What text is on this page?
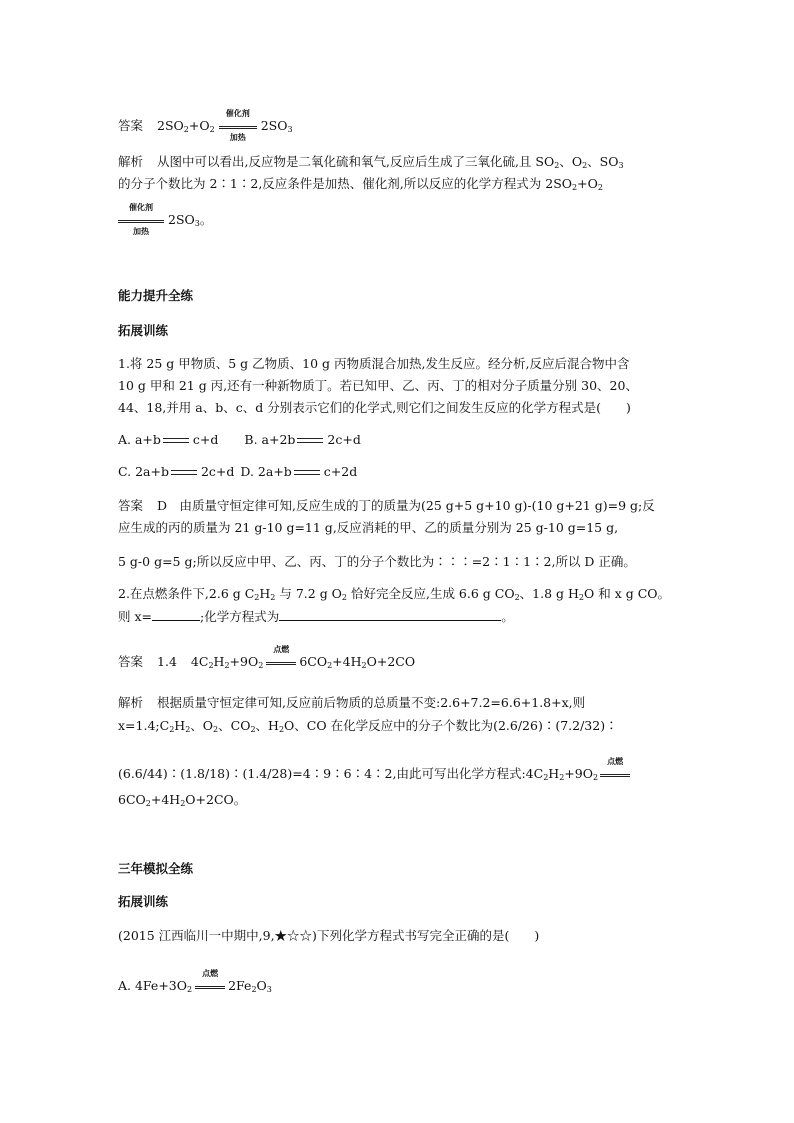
答案 $2SO_2+O_2$
催化剂
加热
$2SO_3$
解析 从图中可以看出,反应物是二氧化硫和氧气,反应后生成了三氧化硫,且 $SO_2$、$O_2$、$SO_3$
的分子个数比为 2∶1∶2,反应条件是加热、催化剂,所以反应的化学方程式为 $2SO_2+O_2$
催化剂
加热
$2SO_3$。
能力提升全练
拓展训练
1.将 25 g 甲物质、5 g 乙物质、10 g 丙物质混合加热,发生反应。经分析,反应后混合物中含
10 g 甲和 21 g 丙,还有一种新物质丁。若已知甲、乙、丙、丁的相对分子质量分别 30、20、
44、18,并用 a、b、c、d 分别表示它们的化学式,则它们之间发生反应的化学方程式是(　　)
A. a+b	c+d B. a+2b	2c+d
C. 2a+b	2c+d D. 2a+b	c+2d
答案 D　由质量守恒定律可知,反应生成的丁的质量为(25 g+5 g+10 g)-(10 g+21 g)=9 g;反
应生成的丙的质量为 21 g-10 g=11 g,反应消耗的甲、乙的质量分别为 25 g-10 g=15 g,
5 g-0 g=5 g;所以反应中甲、乙、丙、丁的分子个数比为∶∶∶=2∶1∶1∶2,所以 D 正确。
2.在点燃条件下,2.6 g $C_2H_2$ 与 7.2 g $O_2$ 恰好完全反应,生成 6.6 g $CO_2$、1.8 g $H_2O$ 和 x g CO。
则 x=	;化学方程式为	。
答案 1.4 $4C_2H_2+9O_2$
点燃
$6CO_2+4H_2O+2CO$
解析 根据质量守恒定律可知,反应前后物质的总质量不变:2.6+7.2=6.6+1.8+x,则
$x=1.4;C_2H_2$、$O_2$、$CO_2$、$H_2O$、CO 在化学反应中的分子个数比为(2.6/26)∶(7.2/32)∶
(6.6/44)∶(1.8/18)∶(1.4/28)=4∶9∶6∶4∶2,由此可写出化学方程式$:4C_2H_2+9O_2$
点燃
$6CO_2+4H_2O+2CO$。
三年模拟全练
拓展训练
(2015 江西临川一中期中,9,★☆☆)下列化学方程式书写完全正确的是(　　)
A. $4Fe+3O_2$
点燃
$2Fe_2O_3$
